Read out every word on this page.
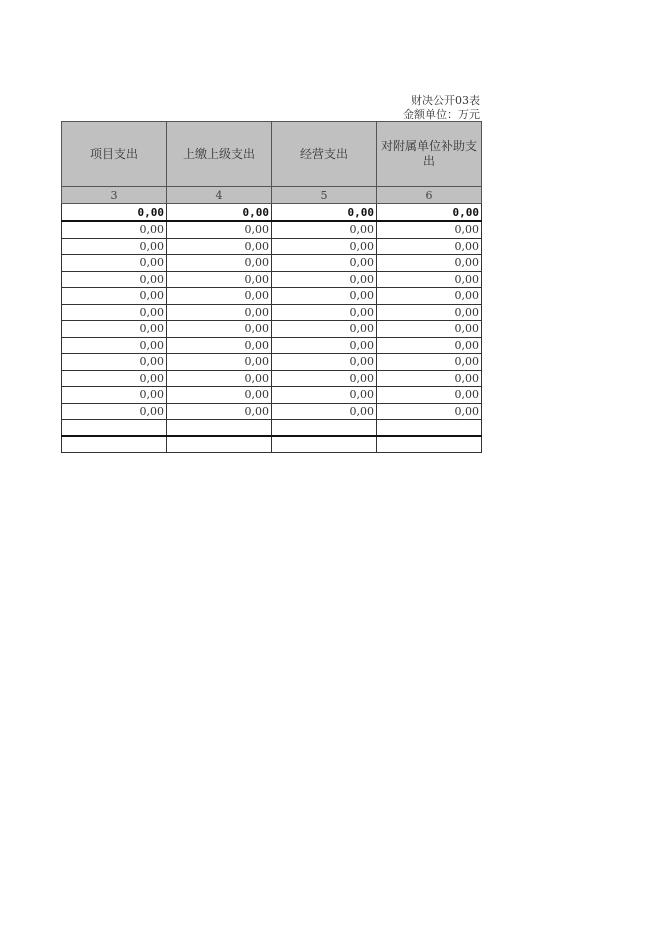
财决公开03表
金额单位：万元
项目支出	上缴上级支出	经营支出	对附属单位补助支出
3	4	5	6
0,00	0,00	0,00	0,00
0,00	0,00	0,00	0,00
0,00	0,00	0,00	0,00
0,00	0,00	0,00	0,00
0,00	0,00	0,00	0,00
0,00	0,00	0,00	0,00
0,00	0,00	0,00	0,00
0,00	0,00	0,00	0,00
0,00	0,00	0,00	0,00
0,00	0,00	0,00	0,00
0,00	0,00	0,00	0,00
0,00	0,00	0,00	0,00
0,00	0,00	0,00	0,00
